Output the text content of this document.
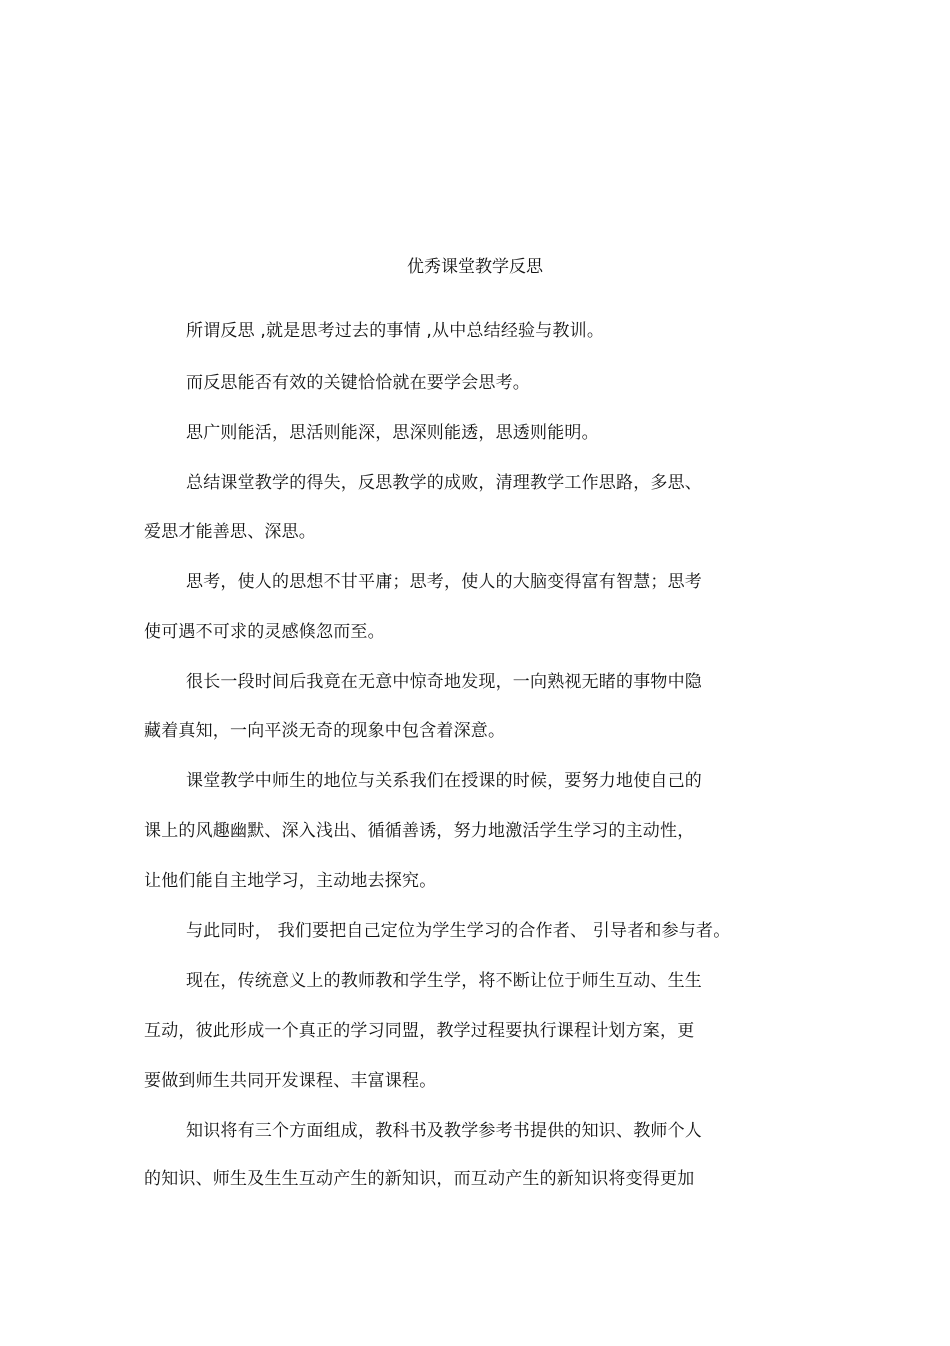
优秀课堂教学反思
所谓反思 ,就是思考过去的事情 ,从中总结经验与教训。
而反思能否有效的关键恰恰就在要学会思考。
思广则能活，思活则能深，思深则能透，思透则能明。
总结课堂教学的得失，反思教学的成败，清理教学工作思路，多思、
爱思才能善思、深思。
思考，使人的思想不甘平庸；思考，使人的大脑变得富有智慧；思考
使可遇不可求的灵感倏忽而至。
很长一段时间后我竟在无意中惊奇地发现，一向熟视无睹的事物中隐
藏着真知，一向平淡无奇的现象中包含着深意。
课堂教学中师生的地位与关系我们在授课的时候，要努力地使自己的
课上的风趣幽默、深入浅出、循循善诱，努力地激活学生学习的主动性，
让他们能自主地学习，主动地去探究。
与此同时， 我们要把自己定位为学生学习的合作者、 引导者和参与者。
现在，传统意义上的教师教和学生学，将不断让位于师生互动、生生
互动，彼此形成一个真正的学习同盟，教学过程要执行课程计划方案，更
要做到师生共同开发课程、丰富课程。
知识将有三个方面组成，教科书及教学参考书提供的知识、教师个人
的知识、师生及生生互动产生的新知识，而互动产生的新知识将变得更加
